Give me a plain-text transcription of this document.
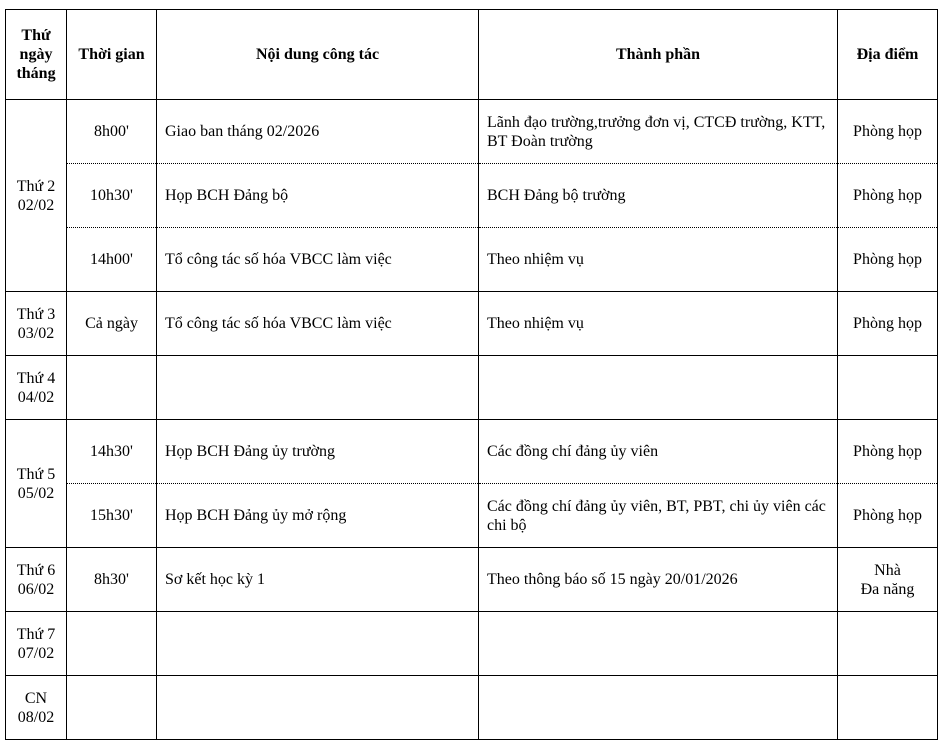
Thứ
ngày
tháng	Thời gian	Nội dung công tác	Thành phần	Địa điểm

Thứ 2
02/02	8h00'	Giao ban tháng 02/2026	Lãnh đạo trường,trưởng đơn vị, CTCĐ trường, KTT, BT Đoàn trường	Phòng họp
	10h30'	Họp BCH Đảng bộ	BCH Đảng bộ trường	Phòng họp
	14h00'	Tổ công tác số hóa VBCC làm việc	Theo nhiệm vụ	Phòng họp

Thứ 3
03/02	Cả ngày	Tổ công tác số hóa VBCC làm việc	Theo nhiệm vụ	Phòng họp

Thứ 4
04/02				

Thứ 5
05/02	14h30'	Họp BCH Đảng ủy trường	Các đồng chí đảng ủy viên	Phòng họp
	15h30'	Họp BCH Đảng ủy mở rộng	Các đồng chí đảng ủy viên, BT, PBT, chi ủy viên các chi bộ	Phòng họp

Thứ 6
06/02	8h30'	Sơ kết học kỳ 1	Theo thông báo số 15 ngày 20/01/2026	Nhà
Đa năng

Thứ 7
07/02				

CN
08/02				
